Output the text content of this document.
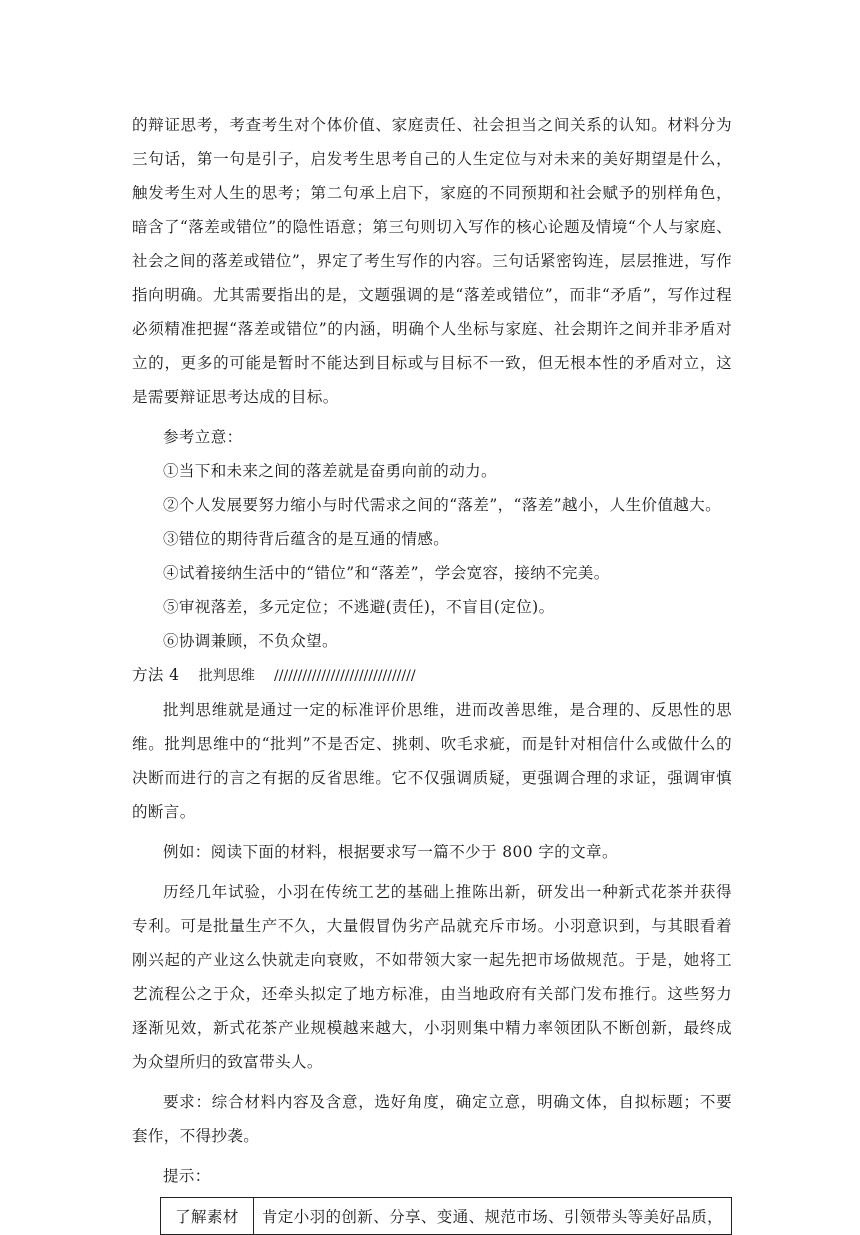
的辩证思考，考查考生对个体价值、家庭责任、社会担当之间关系的认知。材料分为三句话，第一句是引子，启发考生思考自己的人生定位与对未来的美好期望是什么，触发考生对人生的思考；第二句承上启下，家庭的不同预期和社会赋予的别样角色，暗含了“落差或错位”的隐性语意；第三句则切入写作的核心论题及情境“个人与家庭、社会之间的落差或错位”，界定了考生写作的内容。三句话紧密钩连，层层推进，写作指向明确。尤其需要指出的是，文题强调的是“落差或错位”，而非“矛盾”，写作过程必须精准把握“落差或错位”的内涵，明确个人坐标与家庭、社会期许之间并非矛盾对立的，更多的可能是暂时不能达到目标或与目标不一致，但无根本性的矛盾对立，这是需要辩证思考达成的目标。

参考立意：

①当下和未来之间的落差就是奋勇向前的动力。

②个人发展要努力缩小与时代需求之间的“落差”，“落差”越小，人生价值越大。

③错位的期待背后蕴含的是互通的情感。

④试着接纳生活中的“错位”和“落差”，学会宽容，接纳不完美。

⑤审视落差，多元定位；不逃避(责任)，不盲目(定位)。

⑥协调兼顾，不负众望。

方法 4 批判思维 //////////////////////////////

批判思维就是通过一定的标准评价思维，进而改善思维，是合理的、反思性的思维。批判思维中的“批判”不是否定、挑刺、吹毛求疵，而是针对相信什么或做什么的决断而进行的言之有据的反省思维。它不仅强调质疑，更强调合理的求证，强调审慎的断言。

例如：阅读下面的材料，根据要求写一篇不少于 800 字的文章。

历经几年试验，小羽在传统工艺的基础上推陈出新，研发出一种新式花茶并获得专利。可是批量生产不久，大量假冒伪劣产品就充斥市场。小羽意识到，与其眼看着刚兴起的产业这么快就走向衰败，不如带领大家一起先把市场做规范。于是，她将工艺流程公之于众，还牵头拟定了地方标准，由当地政府有关部门发布推行。这些努力逐渐见效，新式花茶产业规模越来越大，小羽则集中精力率领团队不断创新，最终成为众望所归的致富带头人。

要求：综合材料内容及含意，选好角度，确定立意，明确文体，自拟标题；不要套作，不得抄袭。

提示：

了解素材	肯定小羽的创新、分享、变通、规范市场、引领带头等美好品质，
